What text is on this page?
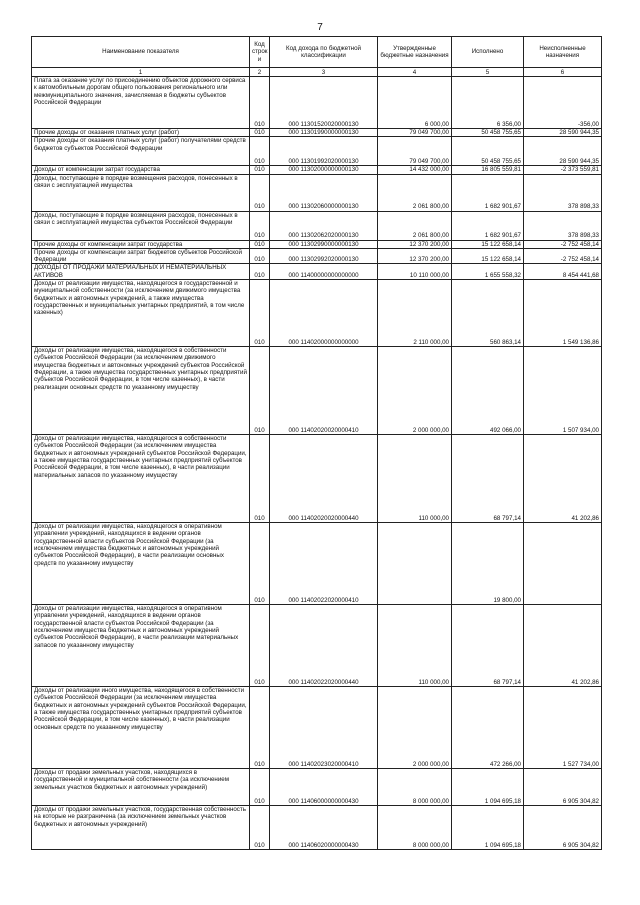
7
Наименование показателя	Код строк и	Код дохода по бюджетной классификации	Утвержденные бюджетные назначения	Исполнено	Неисполненные назначения
1	2	3	4	5	6
Плата за оказание услуг по присоединению объектов дорожного сервиса к автомобильным дорогам общего пользования регионального или межмуниципального значения, зачисляемая в бюджеты субъектов Российской Федерации	010	000 11301520020000130	6 000,00	6 356,00	-356,00
Прочие доходы от оказания платных услуг (работ)	010	000 11301990000000130	79 049 700,00	50 458 755,65	28 590 944,35
Прочие доходы от оказания платных услуг (работ) получателями средств бюджетов субъектов Российской Федерации	010	000 11301992020000130	79 049 700,00	50 458 755,65	28 590 944,35
Доходы от компенсации затрат государства	010	000 11302000000000130	14 432 000,00	16 805 559,81	-2 373 559,81
Доходы, поступающие в порядке возмещения расходов, понесенных в связи с эксплуатацией имущества	010	000 11302060000000130	2 061 800,00	1 682 901,67	378 898,33
Доходы, поступающие в порядке возмещения расходов, понесенных в связи с эксплуатацией имущества субъектов Российской Федерации	010	000 11302062020000130	2 061 800,00	1 682 901,67	378 898,33
Прочие доходы от компенсации затрат государства	010	000 11302990000000130	12 370 200,00	15 122 658,14	-2 752 458,14
Прочие доходы от компенсации затрат бюджетов субъектов Российской Федерации	010	000 11302992020000130	12 370 200,00	15 122 658,14	-2 752 458,14
ДОХОДЫ ОТ ПРОДАЖИ МАТЕРИАЛЬНЫХ И НЕМАТЕРИАЛЬНЫХ АКТИВОВ	010	000 11400000000000000	10 110 000,00	1 655 558,32	8 454 441,68
Доходы от реализации имущества, находящегося в государственной и муниципальной собственности (за исключением движимого имущества бюджетных и автономных учреждений, а также имущества государственных и муниципальных унитарных предприятий, в том числе казенных)	010	000 11402000000000000	2 110 000,00	560 863,14	1 549 136,86
Доходы от реализации имущества, находящегося в собственности субъектов Российской Федерации (за исключением движимого имущества бюджетных и автономных учреждений субъектов Российской Федерации, а также имущества государственных унитарных предприятий субъектов Российской Федерации, в том числе казенных), в части реализации основных средств по указанному имуществу	010	000 11402020020000410	2 000 000,00	492 066,00	1 507 934,00
Доходы от реализации имущества, находящегося в собственности субъектов Российской Федерации (за исключением имущества бюджетных и автономных учреждений субъектов Российской Федерации, а также имущества государственных унитарных предприятий субъектов Российской Федерации, в том числе казенных), в части реализации материальных запасов по указанному имуществу	010	000 11402020020000440	110 000,00	68 797,14	41 202,86
Доходы от реализации имущества, находящегося в оперативном управлении учреждений, находящихся в ведении органов государственной власти субъектов Российской Федерации (за исключением имущества бюджетных и автономных учреждений субъектов Российской Федерации), в части реализации основных средств по указанному имуществу	010	000 11402022020000410		19 800,00	
Доходы от реализации имущества, находящегося в оперативном управлении учреждений, находящихся в ведении органов государственной власти субъектов Российской Федерации (за исключением имущества бюджетных и автономных учреждений субъектов Российской Федерации), в части реализации материальных запасов по указанному имуществу	010	000 11402022020000440	110 000,00	68 797,14	41 202,86
Доходы от реализации иного имущества, находящегося в собственности субъектов Российской Федерации (за исключением имущества бюджетных и автономных учреждений субъектов Российской Федерации, а также имущества государственных унитарных предприятий субъектов Российской Федерации, в том числе казенных), в части реализации основных средств по указанному имуществу	010	000 11402023020000410	2 000 000,00	472 266,00	1 527 734,00
Доходы от продажи земельных участков, находящихся в государственной и муниципальной собственности (за исключением земельных участков бюджетных и автономных учреждений)	010	000 11406000000000430	8 000 000,00	1 094 695,18	6 905 304,82
Доходы от продажи земельных участков, государственная собственность на которые не разграничена (за исключением земельных участков бюджетных и автономных учреждений)	010	000 11406020000000430	8 000 000,00	1 094 695,18	6 905 304,82
